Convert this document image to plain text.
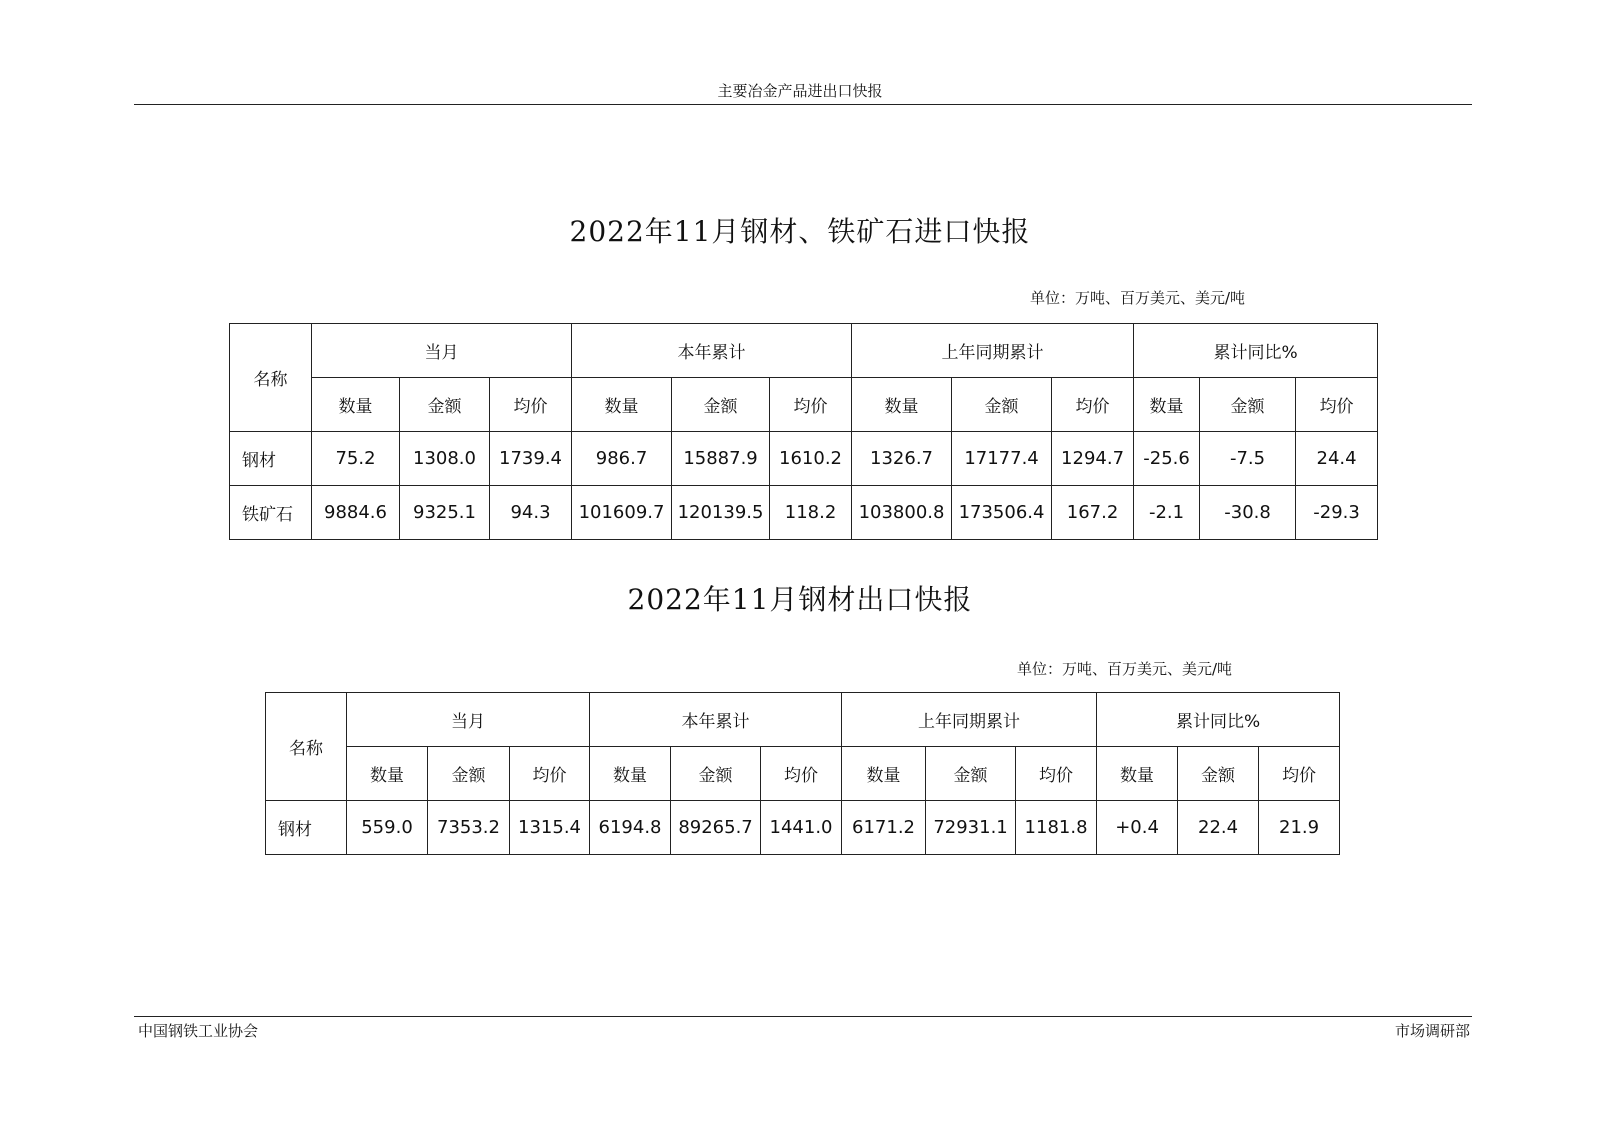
主要冶金产品进出口快报
2022年11月钢材、铁矿石进口快报
单位：万吨、百万美元、美元/吨
名称	当月			本年累计			上年同期累计			累计同比%		
	数量	金额	均价	数量	金额	均价	数量	金额	均价	数量	金额	均价
钢材	75.2	1308.0	1739.4	986.7	15887.9	1610.2	1326.7	17177.4	1294.7	-25.6	-7.5	24.4
铁矿石	9884.6	9325.1	94.3	101609.7	120139.5	118.2	103800.8	173506.4	167.2	-2.1	-30.8	-29.3
2022年11月钢材出口快报
单位：万吨、百万美元、美元/吨
名称	当月			本年累计			上年同期累计			累计同比%		
	数量	金额	均价	数量	金额	均价	数量	金额	均价	数量	金额	均价
钢材	559.0	7353.2	1315.4	6194.8	89265.7	1441.0	6171.2	72931.1	1181.8	+0.4	22.4	21.9
中国钢铁工业协会	市场调研部
